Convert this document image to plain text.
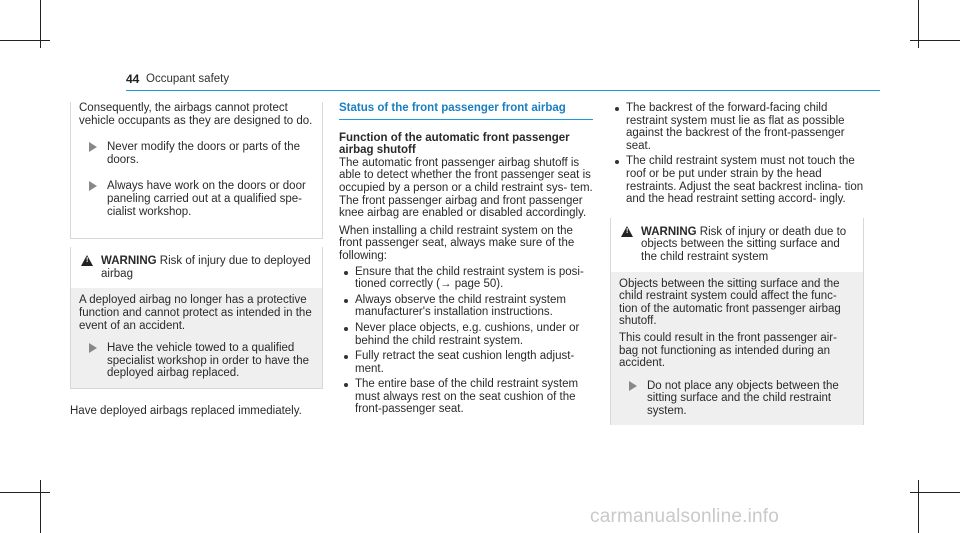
44 Occupant safety

Consequently, the airbags cannot protect vehicle occupants as they are designed to do.

Never modify the doors or parts of the doors.

Always have work on the doors or door paneling carried out at a qualified spe- cialist workshop.

! WARNING Risk of injury due to deployed airbag

A deployed airbag no longer has a protective function and cannot protect as intended in the event of an accident.

Have the vehicle towed to a qualified specialist workshop in order to have the deployed airbag replaced.

Have deployed airbags replaced immediately.

Status of the front passenger front airbag

Function of the automatic front passenger airbag shutoff

The automatic front passenger airbag shutoff is able to detect whether the front passenger seat is occupied by a person or a child restraint sys- tem. The front passenger airbag and front passenger knee airbag are enabled or disabled accordingly.

When installing a child restraint system on the front passenger seat, always make sure of the following:

Ensure that the child restraint system is posi- tioned correctly (→ page 50).
Always observe the child restraint system manufacturer's installation instructions.
Never place objects, e.g. cushions, under or behind the child restraint system.
Fully retract the seat cushion length adjust- ment.
The entire base of the child restraint system must always rest on the seat cushion of the front-passenger seat.
The backrest of the forward-facing child restraint system must lie as flat as possible against the backrest of the front-passenger seat.
The child restraint system must not touch the roof or be put under strain by the head restraints. Adjust the seat backrest inclina- tion and the head restraint setting accord- ingly.
! WARNING Risk of injury or death due to objects between the sitting surface and the child restraint system

Objects between the sitting surface and the child restraint system could affect the func- tion of the automatic front passenger airbag shutoff.

This could result in the front passenger air- bag not functioning as intended during an accident.

Do not place any objects between the sitting surface and the child restraint system.

carmanualsonline.info
